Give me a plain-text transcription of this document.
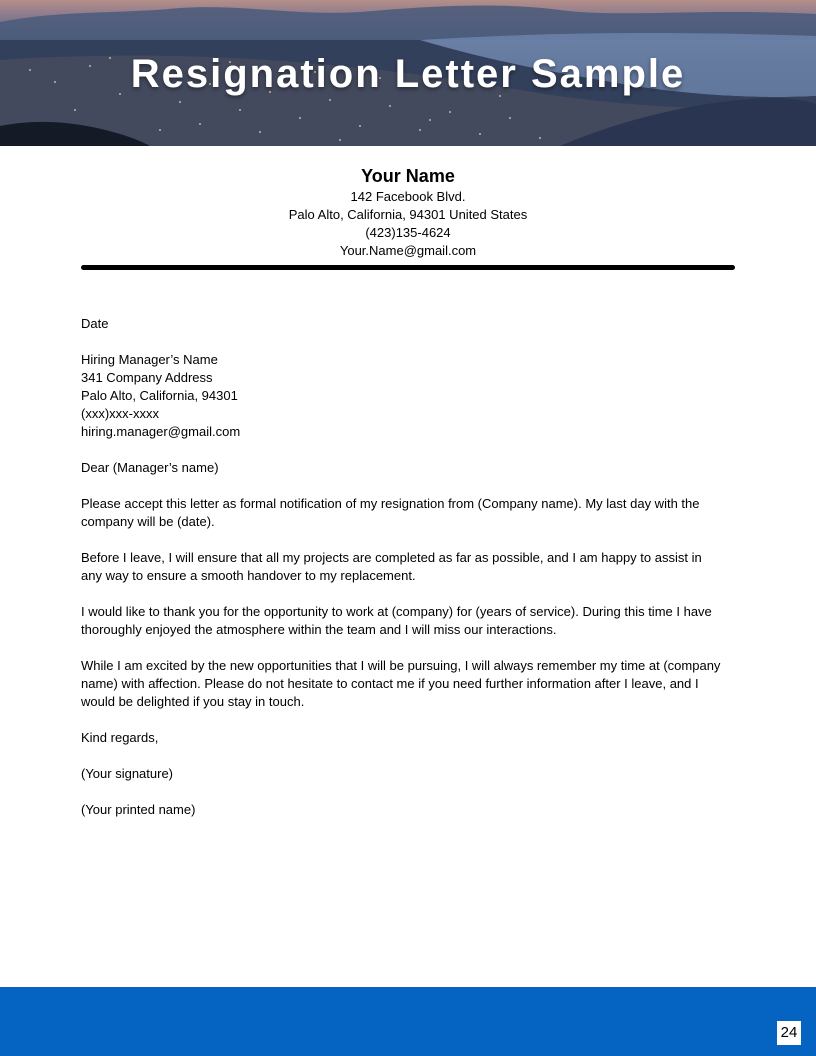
Resignation Letter Sample
Your Name
142 Facebook Blvd.
Palo Alto, California, 94301 United States
(423)135-4624
Your.Name@gmail.com

Date

Hiring Manager’s Name
341 Company Address
Palo Alto, California, 94301
(xxx)xxx-xxxx
hiring.manager@gmail.com

Dear (Manager’s name)

Please accept this letter as formal notification of my resignation from (Company name). My last day with the company will be (date).

Before I leave, I will ensure that all my projects are completed as far as possible, and I am happy to assist in any way to ensure a smooth handover to my replacement.

I would like to thank you for the opportunity to work at (company) for (years of service). During this time I have thoroughly enjoyed the atmosphere within the team and I will miss our interactions.

While I am excited by the new opportunities that I will be pursuing, I will always remember my time at (company name) with affection. Please do not hesitate to contact me if you need further information after I leave, and I would be delighted if you stay in touch.

Kind regards,

(Your signature)

(Your printed name)

24
